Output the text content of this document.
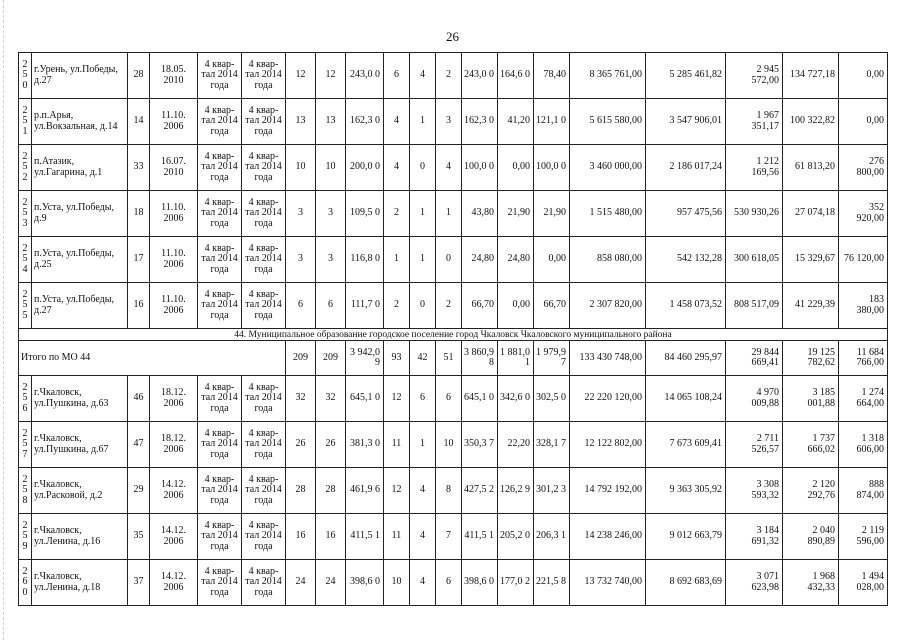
26
2
5
0	г.Урень, ул.Победы, д.27	28	18.05. 2010	4 квар- тал 2014 года	4 квар- тал 2014 года	12	12	243,0 0	6	4	2	243,0 0	164,6 0	78,40	8 365 761,00	5 285 461,82	2 945 572,00	134 727,18	0,00

2
5
1	р.п.Арья, ул.Вокзальная, д.14	14	11.10. 2006	4 квар- тал 2014 года	4 квар- тал 2014 года	13	13	162,3 0	4	1	3	162,3 0	41,20	121,1 0	5 615 580,00	3 547 906,01	1 967 351,17	100 322,82	0,00

2
5
2	п.Атазик, ул.Гагарина, д.1	33	16.07. 2010	4 квар- тал 2014 года	4 квар- тал 2014 года	10	10	200,0 0	4	0	4	100,0 0	0,00	100,0 0	3 460 000,00	2 186 017,24	1 212 169,56	61 813,20	276 800,00

2
5
3	п.Уста, ул.Победы, д.9	18	11.10. 2006	4 квар- тал 2014 года	4 квар- тал 2014 года	3	3	109,5 0	2	1	1	43,80	21,90	21,90	1 515 480,00	957 475,56	530 930,26	27 074,18	352 920,00

2
5
4	п.Уста, ул.Победы, д.25	17	11.10. 2006	4 квар- тал 2014 года	4 квар- тал 2014 года	3	3	116,8 0	1	1	0	24,80	24,80	0,00	858 080,00	542 132,28	300 618,05	15 329,67	76 120,00

2
5
5	п.Уста, ул.Победы, д.27	16	11.10. 2006	4 квар- тал 2014 года	4 квар- тал 2014 года	6	6	111,7 0	2	0	2	66,70	0,00	66,70	2 307 820,00	1 458 073,52	808 517,09	41 229,39	183 380,00
44. Муниципальное образование городское поселение город Чкаловск Чкаловского муниципального района																			
Итого по МО 44						209	209	3 942,0 9	93	42	51	3 860,9 8	1 881,0 1	1 979,9 7	133 430 748,00	84 460 295,97	29 844 669,41	19 125 782,62	11 684 766,00

2
5
6	г.Чкаловск, ул.Пушкина, д.63	46	18.12. 2006	4 квар- тал 2014 года	4 квар- тал 2014 года	32	32	645,1 0	12	6	6	645,1 0	342,6 0	302,5 0	22 220 120,00	14 065 108,24	4 970 009,88	3 185 001,88	1 274 664,00

2
5
7	г.Чкаловск, ул.Пушкина, д.67	47	18.12. 2006	4 квар- тал 2014 года	4 квар- тал 2014 года	26	26	381,3 0	11	1	10	350,3 7	22,20	328,1 7	12 122 802,00	7 673 609,41	2 711 526,57	1 737 666,02	1 318 606,00

2
5
8	г.Чкаловск, ул.Расковой, д.2	29	14.12. 2006	4 квар- тал 2014 года	4 квар- тал 2014 года	28	28	461,9 6	12	4	8	427,5 2	126,2 9	301,2 3	14 792 192,00	9 363 305,92	3 308 593,32	2 120 292,76	888 874,00

2
5
9	г.Чкаловск, ул.Ленина, д.16	35	14.12. 2006	4 квар- тал 2014 года	4 квар- тал 2014 года	16	16	411,5 1	11	4	7	411,5 1	205,2 0	206,3 1	14 238 246,00	9 012 663,79	3 184 691,32	2 040 890,89	2 119 596,00

2
6
0	г.Чкаловск, ул.Ленина, д.18	37	14.12. 2006	4 квар- тал 2014 года	4 квар- тал 2014 года	24	24	398,6 0	10	4	6	398,6 0	177,0 2	221,5 8	13 732 740,00	8 692 683,69	3 071 623,98	1 968 432,33	1 494 028,00
